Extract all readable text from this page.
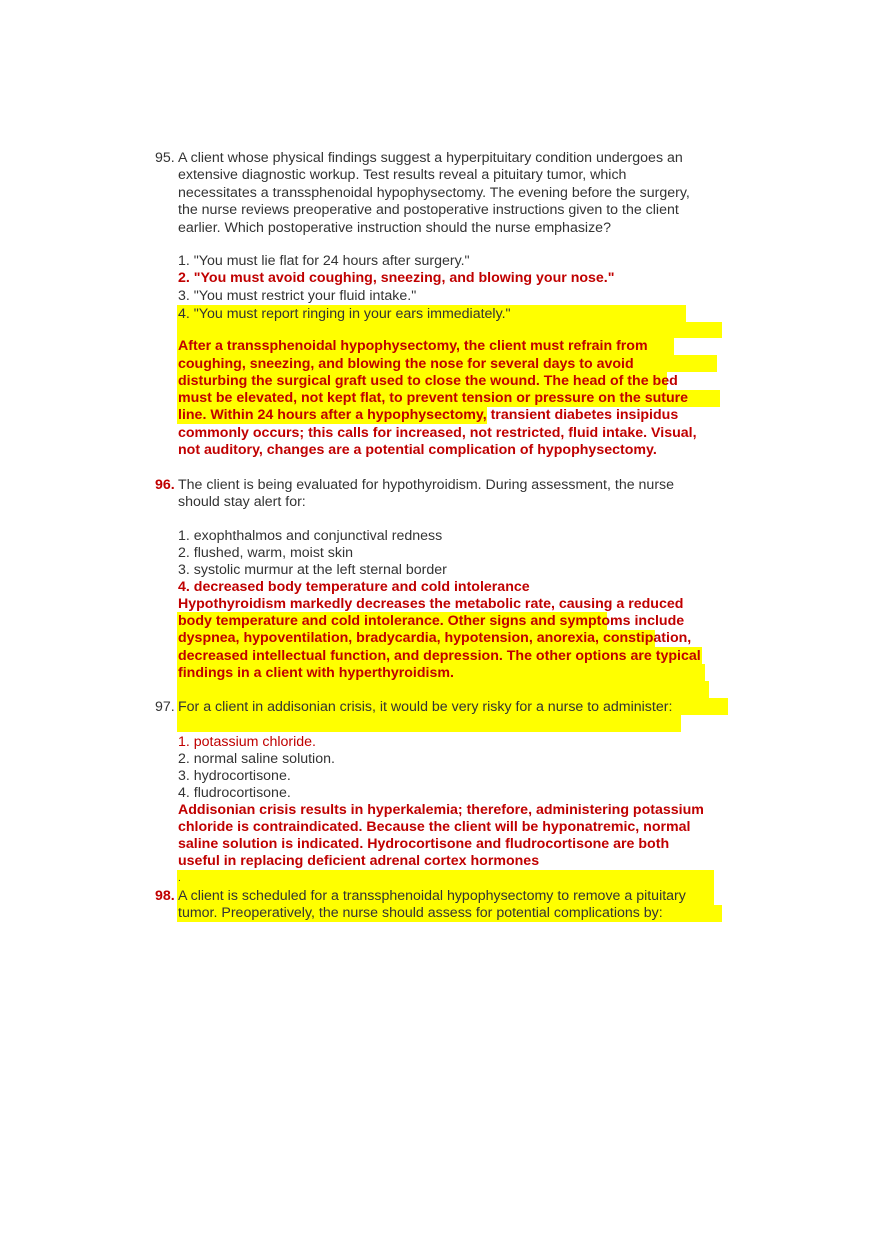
95. A client whose physical findings suggest a hyperpituitary condition undergoes an
extensive diagnostic workup. Test results reveal a pituitary tumor, which
necessitates a transsphenoidal hypophysectomy. The evening before the surgery,
the nurse reviews preoperative and postoperative instructions given to the client
earlier. Which postoperative instruction should the nurse emphasize?
1. "You must lie flat for 24 hours after surgery."
2. "You must avoid coughing, sneezing, and blowing your nose."
3. "You must restrict your fluid intake."
4. "You must report ringing in your ears immediately."
After a transsphenoidal hypophysectomy, the client must refrain from
coughing, sneezing, and blowing the nose for several days to avoid
disturbing the surgical graft used to close the wound. The head of the bed
must be elevated, not kept flat, to prevent tension or pressure on the suture
line. Within 24 hours after a hypophysectomy, transient diabetes insipidus
commonly occurs; this calls for increased, not restricted, fluid intake. Visual,
not auditory, changes are a potential complication of hypophysectomy.
96. The client is being evaluated for hypothyroidism. During assessment, the nurse
should stay alert for:
1. exophthalmos and conjunctival redness
2. flushed, warm, moist skin
3. systolic murmur at the left sternal border
4. decreased body temperature and cold intolerance
Hypothyroidism markedly decreases the metabolic rate, causing a reduced
body temperature and cold intolerance. Other signs and symptoms include
dyspnea, hypoventilation, bradycardia, hypotension, anorexia, constipation,
decreased intellectual function, and depression. The other options are typical
findings in a client with hyperthyroidism.
97. For a client in addisonian crisis, it would be very risky for a nurse to administer:
1. potassium chloride.
2. normal saline solution.
3. hydrocortisone.
4. fludrocortisone.
Addisonian crisis results in hyperkalemia; therefore, administering potassium
chloride is contraindicated. Because the client will be hyponatremic, normal
saline solution is indicated. Hydrocortisone and fludrocortisone are both
useful in replacing deficient adrenal cortex hormones
.
98. A client is scheduled for a transsphenoidal hypophysectomy to remove a pituitary
tumor. Preoperatively, the nurse should assess for potential complications by:
